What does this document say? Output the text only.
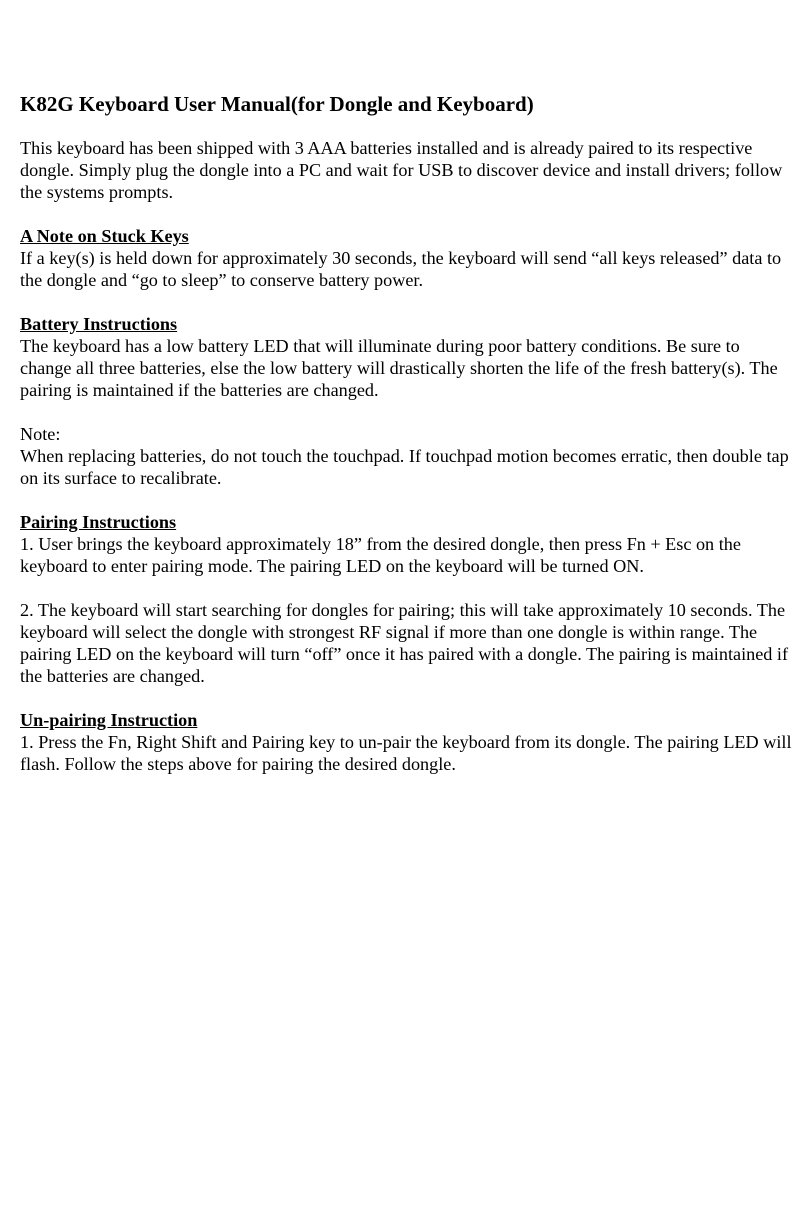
K82G Keyboard User Manual(for Dongle and Keyboard)
This keyboard has been shipped with 3 AAA batteries installed and is already paired to its respective dongle. Simply plug the dongle into a PC and wait for USB to discover device and install drivers; follow the systems prompts.
A Note on Stuck Keys
If a key(s) is held down for approximately 30 seconds, the keyboard will send “all keys released” data to the dongle and “go to sleep” to conserve battery power.
Battery Instructions
The keyboard has a low battery LED that will illuminate during poor battery conditions. Be sure to change all three batteries, else the low battery will drastically shorten the life of the fresh battery(s). The pairing is maintained if the batteries are changed.
Note:
When replacing batteries, do not touch the touchpad. If touchpad motion becomes erratic, then double tap on its surface to recalibrate.
Pairing Instructions
1. User brings the keyboard approximately 18” from the desired dongle, then press Fn + Esc on the keyboard to enter pairing mode. The pairing LED on the keyboard will be turned ON.
2. The keyboard will start searching for dongles for pairing; this will take approximately 10 seconds. The keyboard will select the dongle with strongest RF signal if more than one dongle is within range. The pairing LED on the keyboard will turn “off” once it has paired with a dongle. The pairing is maintained if the batteries are changed.
Un-pairing Instruction
1. Press the Fn, Right Shift and Pairing key to un-pair the keyboard from its dongle. The pairing LED will flash. Follow the steps above for pairing the desired dongle.
